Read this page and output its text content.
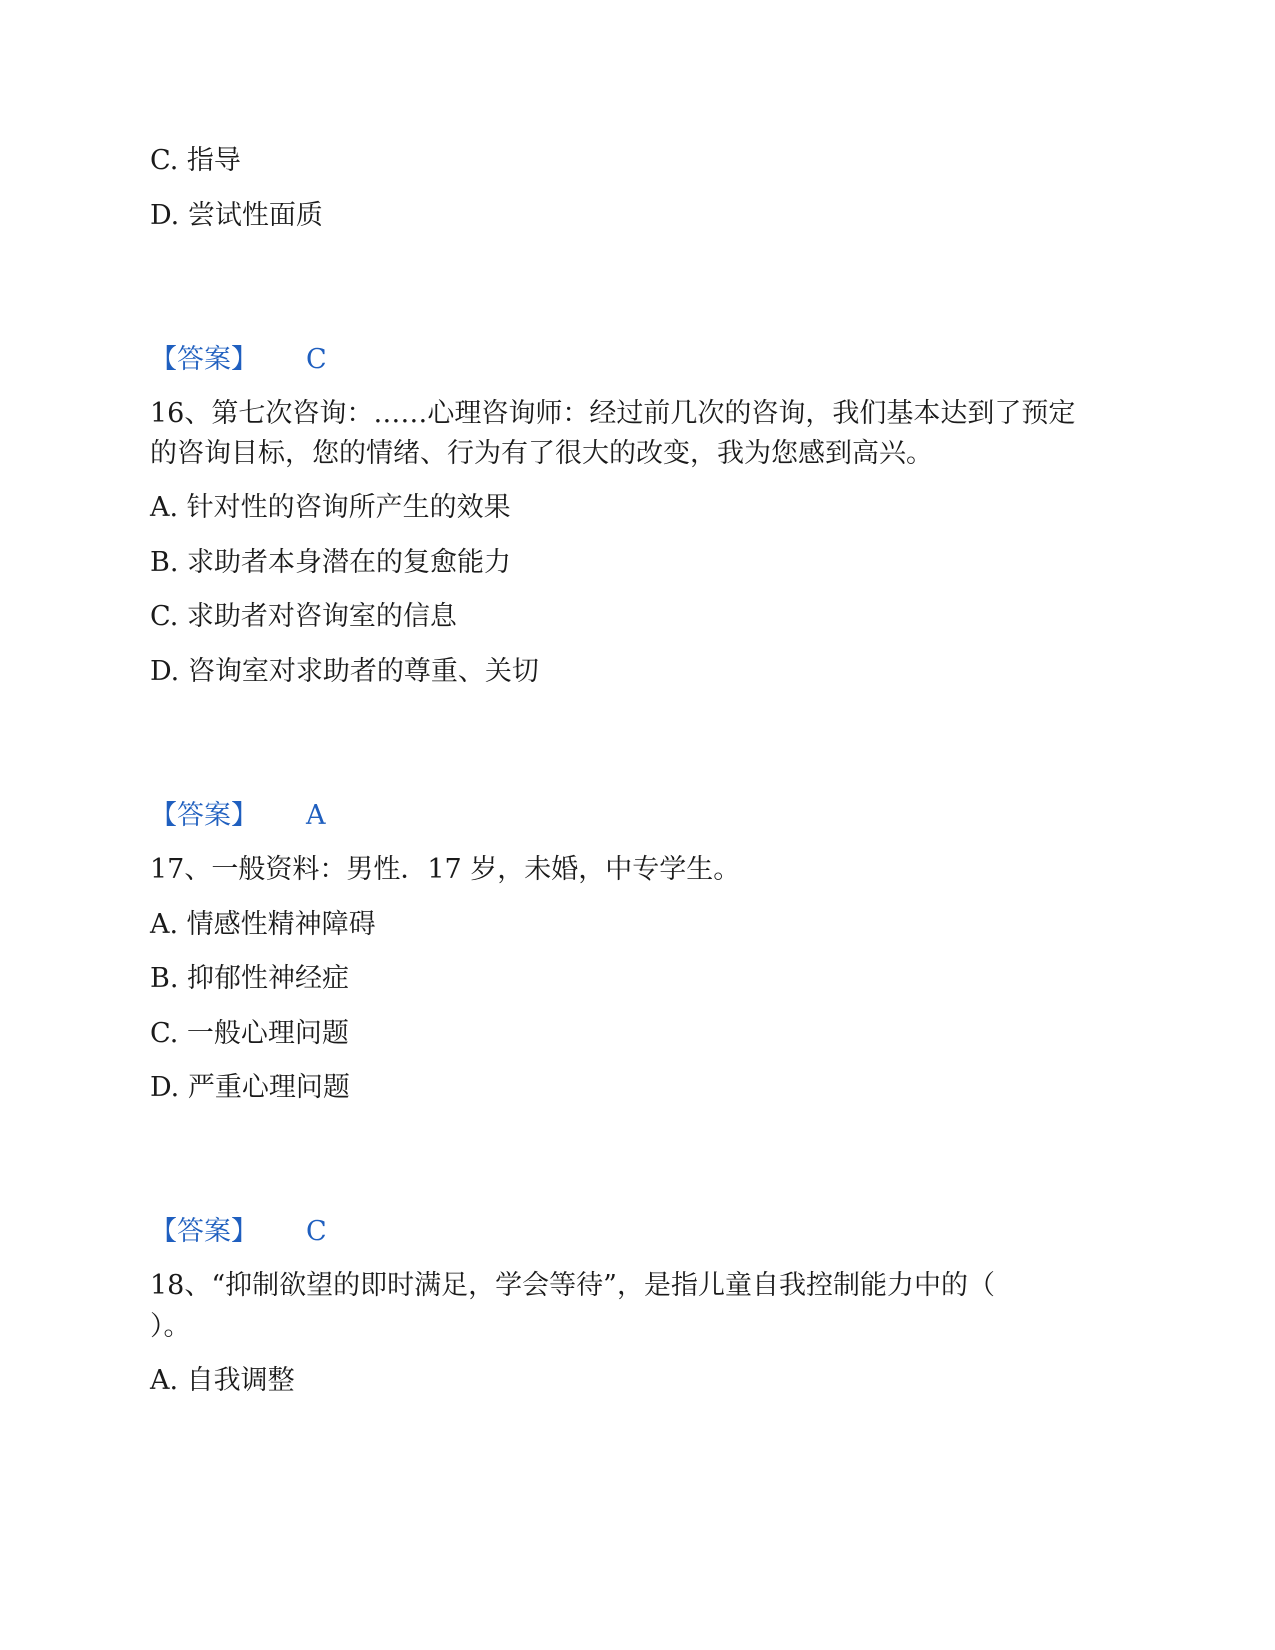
C. 指导
D. 尝试性面质
【答案】 C
16、第七次咨询：……心理咨询师：经过前几次的咨询，我们基本达到了预定
的咨询目标，您的情绪、行为有了很大的改变，我为您感到高兴。
A. 针对性的咨询所产生的效果
B. 求助者本身潜在的复愈能力
C. 求助者对咨询室的信息
D. 咨询室对求助者的尊重、关切
【答案】 A
17、一般资料：男性．17 岁，未婚，中专学生。
A. 情感性精神障碍
B. 抑郁性神经症
C. 一般心理问题
D. 严重心理问题
【答案】 C
18、“抑制欲望的即时满足，学会等待”，是指儿童自我控制能力中的（
）。
A. 自我调整
